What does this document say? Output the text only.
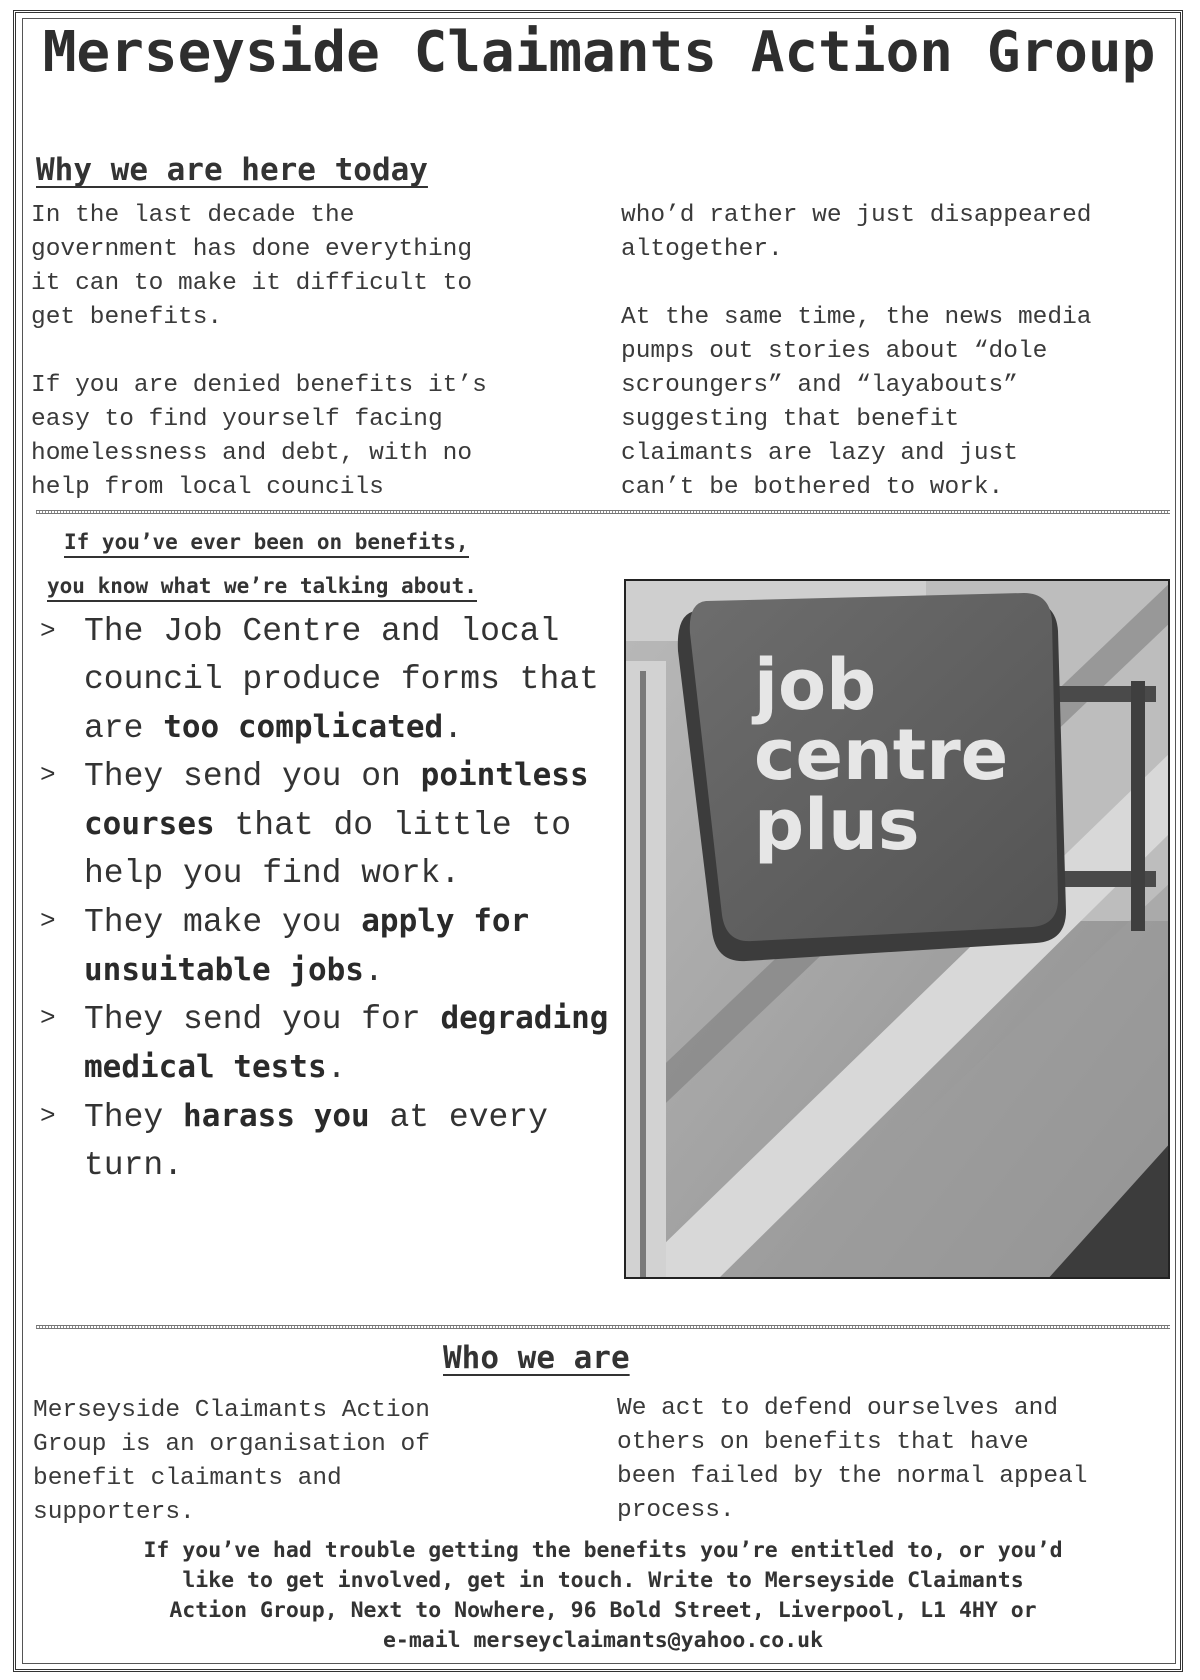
Merseyside Claimants Action Group
Why we are here today

In the last decade the
government has done everything
it can to make it difficult to
get benefits.

If you are denied benefits it’s
easy to find yourself facing
homelessness and debt, with no
help from local councils

who’d rather we just disappeared
altogether.

At the same time, the news media
pumps out stories about “dole
scroungers” and “layabouts”
suggesting that benefit
claimants are lazy and just
can’t be bothered to work.

If you’ve ever been on benefits,
you know what we’re talking about.
> The Job Centre and local council produce forms that are too complicated.
> They send you on pointless courses that do little to help you find work.
> They make you apply for unsuitable jobs.
> They send you for degrading medical tests.
> They harass you at every turn.
job
centre
plus
Who we are

Merseyside Claimants Action
Group is an organisation of
benefit claimants and
supporters.

We act to defend ourselves and
others on benefits that have
been failed by the normal appeal
process.

If you’ve had trouble getting the benefits you’re entitled to, or you’d
like to get involved, get in touch. Write to Merseyside Claimants
Action Group, Next to Nowhere, 96 Bold Street, Liverpool, L1 4HY or
e-mail merseyclaimants@yahoo.co.uk
